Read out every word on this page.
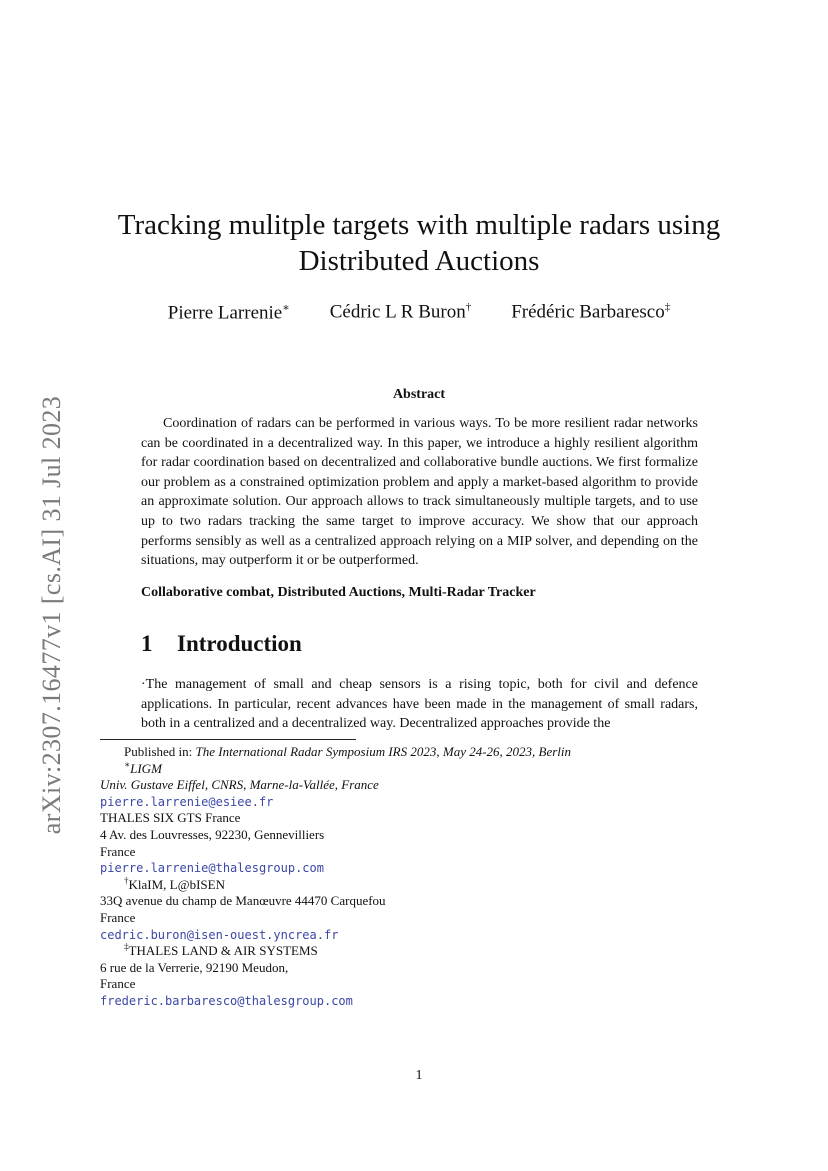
arXiv:2307.16477v1 [cs.AI] 31 Jul 2023
Tracking mulitple targets with multiple radars using
Distributed Auctions
Pierre Larrenie∗ Cédric L R Buron† Frédéric Barbaresco‡
Abstract
Coordination of radars can be performed in various ways. To be more resilient radar networks can be coordinated in a decentralized way. In this paper, we introduce a highly resilient algorithm for radar coordination based on decentralized and collaborative bundle auctions. We first formalize our problem as a constrained optimization problem and apply a market-based algorithm to provide an approximate solution. Our approach allows to track simultaneously multiple targets, and to use up to two radars tracking the same target to improve accuracy. We show that our approach performs sensibly as well as a centralized approach relying on a MIP solver, and depending on the situations, may outperform it or be outperformed.
Collaborative combat, Distributed Auctions, Multi-Radar Tracker
1 Introduction
·The management of small and cheap sensors is a rising topic, both for civil and defence applications. In particular, recent advances have been made in the management of small radars, both in a centralized and a decentralized way. Decentralized approaches provide the
Published in: The International Radar Symposium IRS 2023, May 24-26, 2023, Berlin
∗LIGM
Univ. Gustave Eiffel, CNRS, Marne-la-Vallée, France
pierre.larrenie@esiee.fr
THALES SIX GTS France
4 Av. des Louvresses, 92230, Gennevilliers
France
pierre.larrenie@thalesgroup.com
†KlaIM, L@bISEN
33Q avenue du champ de Manœuvre 44470 Carquefou
France
cedric.buron@isen-ouest.yncrea.fr
‡THALES LAND & AIR SYSTEMS
6 rue de la Verrerie, 92190 Meudon,
France
frederic.barbaresco@thalesgroup.com
1
